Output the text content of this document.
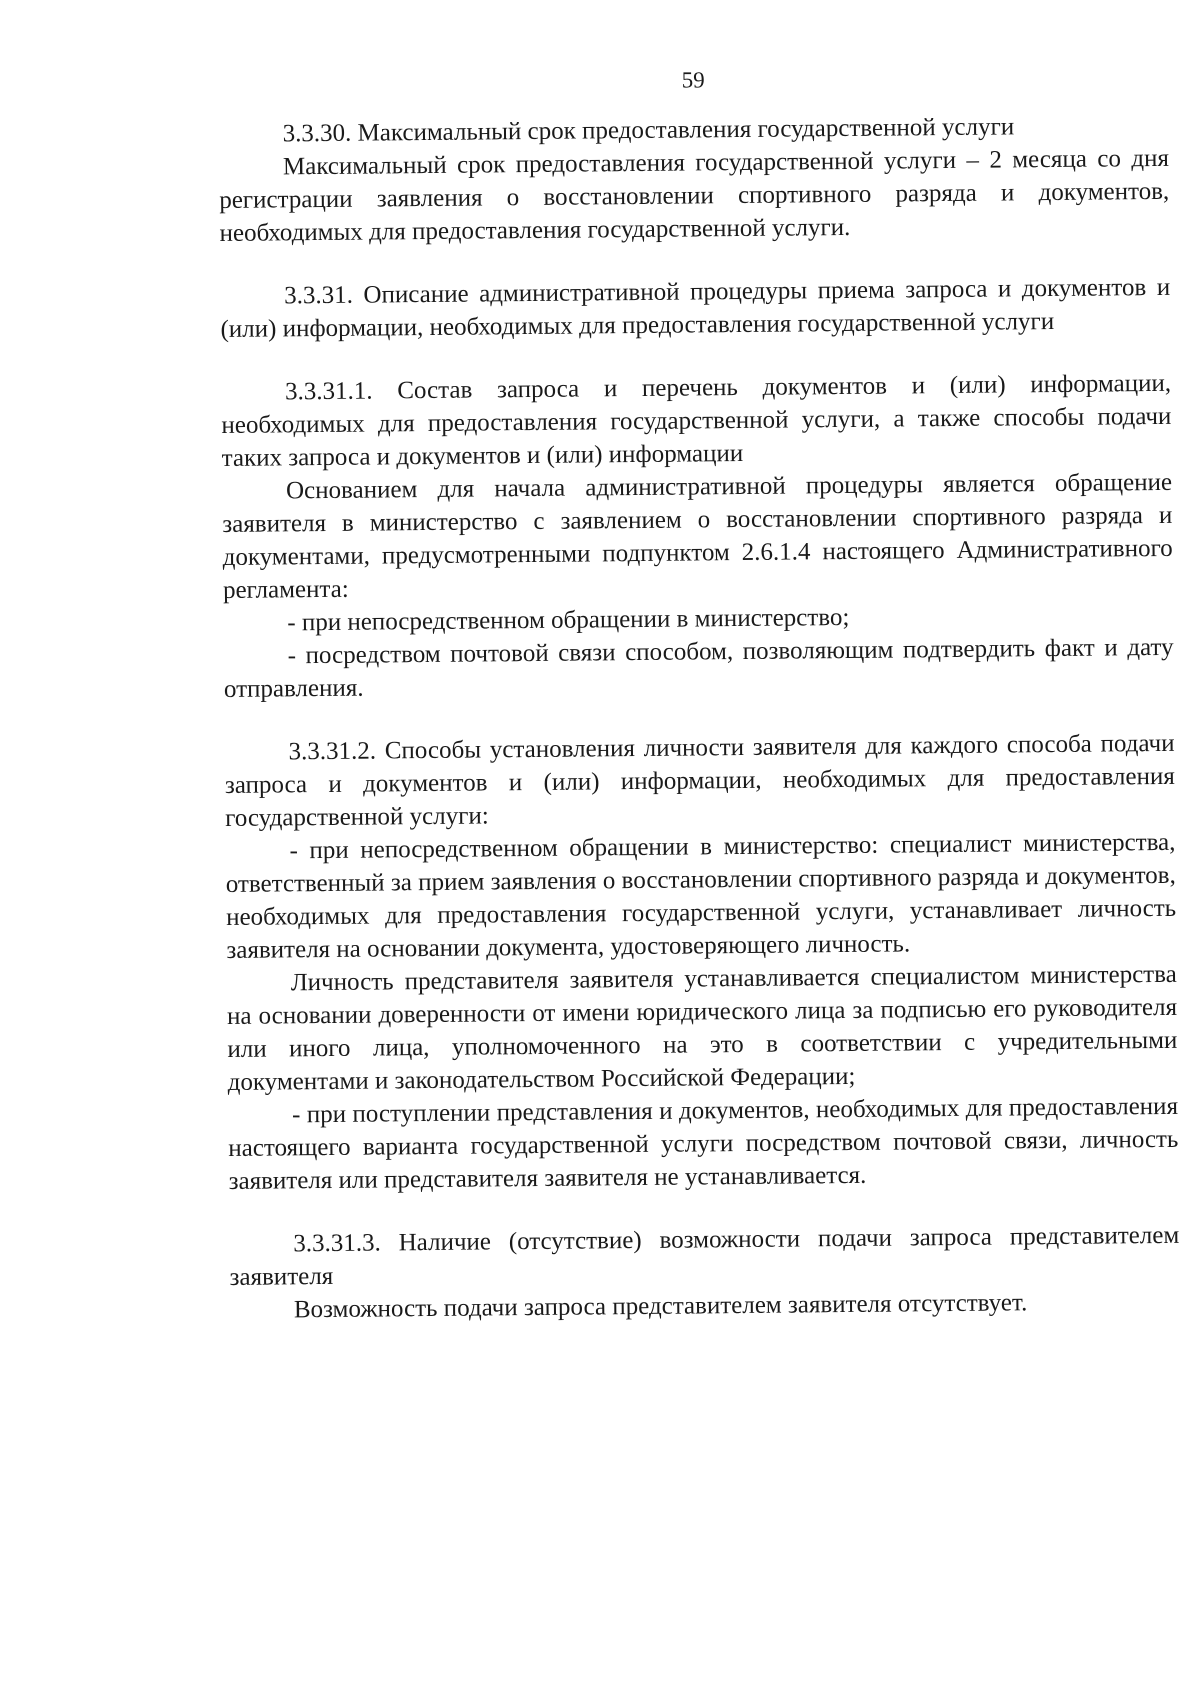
59

3.3.30. Максимальный срок предоставления государственной услуги

Максимальный срок предоставления государственной услуги – 2 месяца со дня регистрации заявления о восстановлении спортивного разряда и документов, необходимых для предоставления государственной услуги.

3.3.31. Описание административной процедуры приема запроса и документов и (или) информации, необходимых для предоставления государственной услуги

3.3.31.1. Состав запроса и перечень документов и (или) информации, необходимых для предоставления государственной услуги, а также способы подачи таких запроса и документов и (или) информации

Основанием для начала административной процедуры является обращение заявителя в министерство с заявлением о восстановлении спортивного разряда и документами, предусмотренными подпунктом 2.6.1.4 настоящего Административного регламента:

- при непосредственном обращении в министерство;

- посредством почтовой связи способом, позволяющим подтвердить факт и дату отправления.

3.3.31.2. Способы установления личности заявителя для каждого способа подачи запроса и документов и (или) информации, необходимых для предоставления государственной услуги:

- при непосредственном обращении в министерство: специалист министерства, ответственный за прием заявления о восстановлении спортивного разряда и документов, необходимых для предоставления государственной услуги, устанавливает личность заявителя на основании документа, удостоверяющего личность.

Личность представителя заявителя устанавливается специалистом министерства на основании доверенности от имени юридического лица за подписью его руководителя или иного лица, уполномоченного на это в соответствии с учредительными документами и законодательством Российской Федерации;

- при поступлении представления и документов, необходимых для предоставления настоящего варианта государственной услуги посредством почтовой связи, личность заявителя или представителя заявителя не устанавливается.

3.3.31.3. Наличие (отсутствие) возможности подачи запроса представителем заявителя

Возможность подачи запроса представителем заявителя отсутствует.
